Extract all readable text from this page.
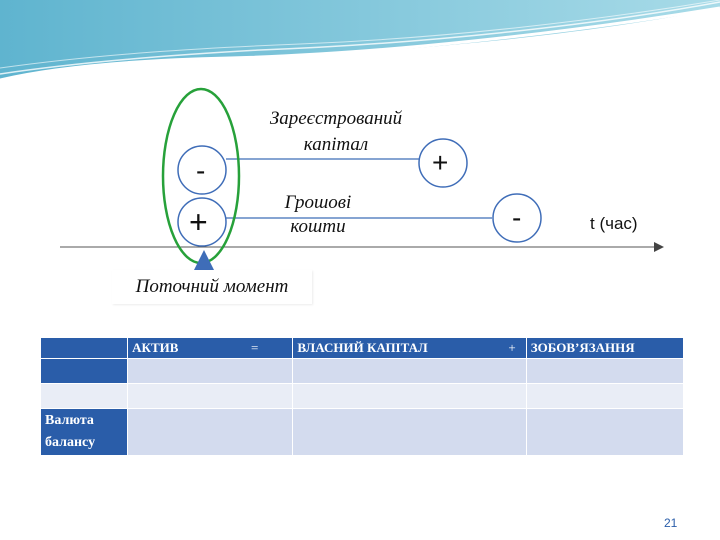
Зареєстрований
капітал
Грошові
кошти
-
+
+
-	t (час)
Поточний момент

	АКТИВ =	ВЛАСНИЙ КАПІТАЛ +	ЗОБОВ’ЯЗАННЯ

Валюта балансу			
21
